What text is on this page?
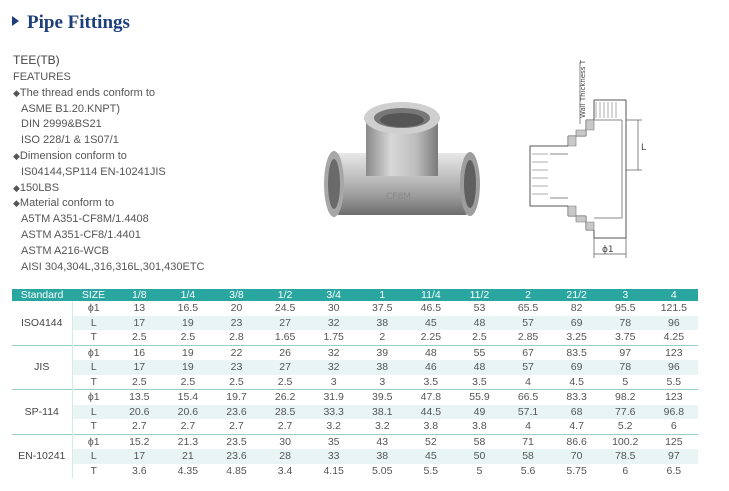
Pipe Fittings
TEE(TB)
FEATURES
◆The thread ends conform to
ASME B1.20.KNPT)
DIN 2999&BS21
ISO 228/1 & 1S07/1
◆Dimension conform to
IS04144,SP114 EN-10241JIS
◆150LBS
◆Material conform to
A5TM A351-CF8M/1.4408
ASTM A351-CF8/1.4401
ASTM A216-WCB
AISI 304,304L,316,316L,301,430ETC
CF8M
Wall Thickness T
L
ϕ1
Standard	SIZE	1/8	1/4	3/8	1/2	3/4	1	11/4	11/2	2	21/2	3	4
ISO4144	ϕ1	13	16.5	20	24.5	30	37.5	46.5	53	65.5	82	95.5	121.5
	L	17	19	23	27	32	38	45	48	57	69	78	96
	T	2.5	2.5	2.8	1.65	1.75	2	2.25	2.5	2.85	3.25	3.75	4.25
JIS	ϕ1	16	19	22	26	32	39	48	55	67	83.5	97	123
	L	17	19	23	27	32	38	46	48	57	69	78	96
	T	2.5	2.5	2.5	2.5	3	3	3.5	3.5	4	4.5	5	5.5
SP-114	ϕ1	13.5	15.4	19.7	26.2	31.9	39.5	47.8	55.9	66.5	83.3	98.2	123
	L	20.6	20.6	23.6	28.5	33.3	38.1	44.5	49	57.1	68	77.6	96.8
	T	2.7	2.7	2.7	2.7	3.2	3.2	3.8	3.8	4	4.7	5.2	6
EN-10241	ϕ1	15.2	21.3	23.5	30	35	43	52	58	71	86.6	100.2	125
	L	17	21	23.6	28	33	38	45	50	58	70	78.5	97
	T	3.6	4.35	4.85	3.4	4.15	5.05	5.5	5	5.6	5.75	6	6.5
